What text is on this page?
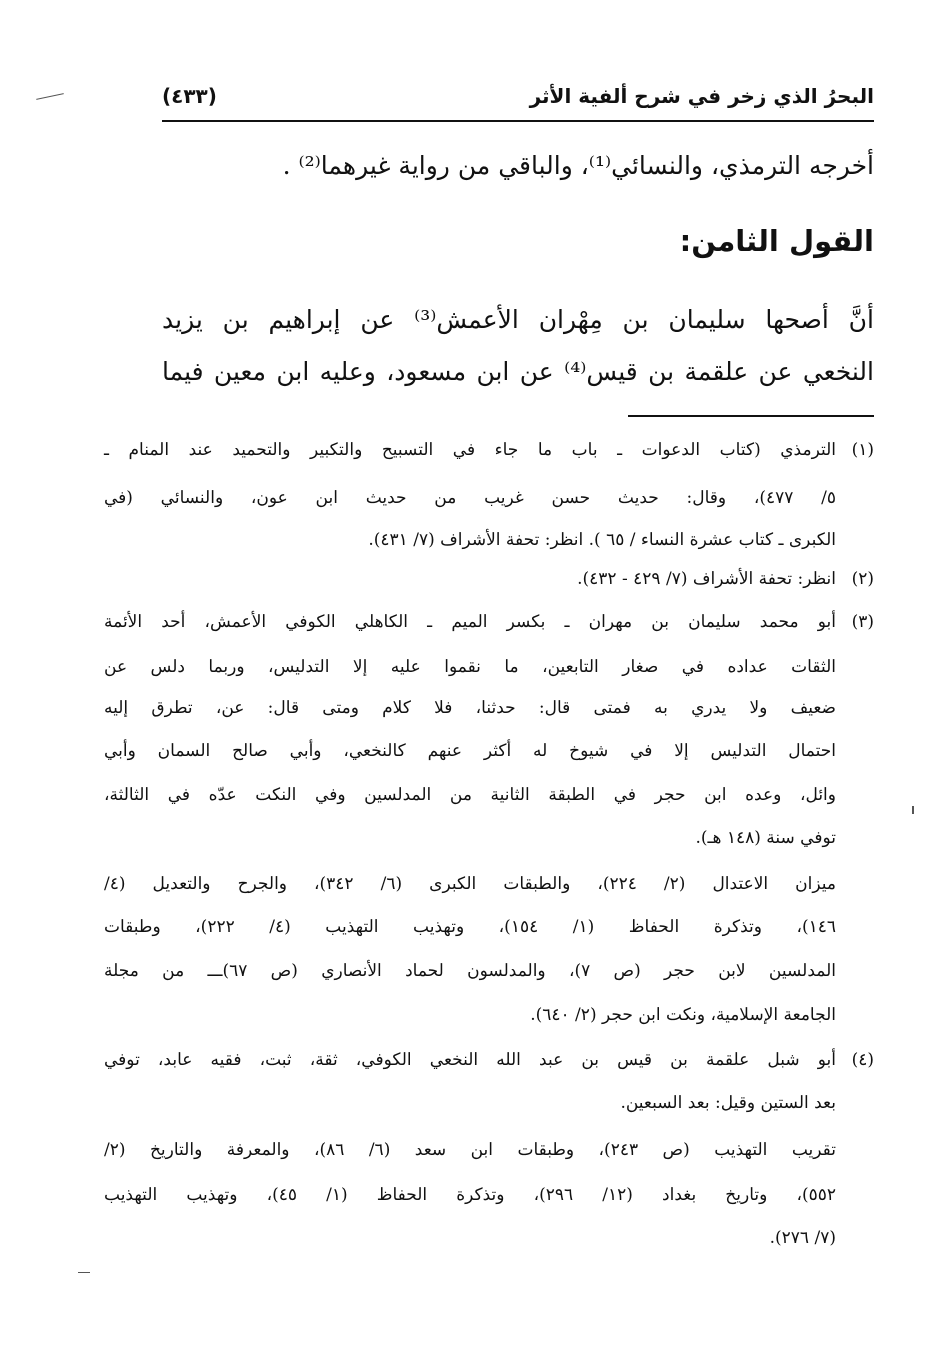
البحرُ الذي زخر في شرح ألفية الأثر
(٤٣٣)
أخرجه الترمذي، والنسائي⁽¹⁾، والباقي من رواية غيرهما⁽²⁾ .
القول الثامن:
أنَّ أصحها سليمان بن مِهْران الأعمش⁽³⁾ عن إبراهيم بن يزيد
النخعي عن علقمة بن قيس⁽⁴⁾ عن ابن مسعود، وعليه ابن معين فيما
(١)
الترمذي (كتاب الدعوات ـ باب ما جاء في التسبيح والتكبير والتحميد عند المنام ـ
٥/ ٤٧٧)، وقال: حديث حسن غريب من حديث ابن عون، والنسائي (في
الكبرى ـ كتاب عشرة النساء / ٦٥ ). انظر: تحفة الأشراف (٧/ ٤٣١).
(٢)
انظر: تحفة الأشراف (٧/ ٤٢٩ - ٤٣٢).
(٣)
أبو محمد سليمان بن مهران ـ بكسر الميم ـ الكاهلي الكوفي الأعمش، أحد الأئمة
الثقات عداده في صغار التابعين، ما نقموا عليه إلا التدليس، وربما دلس عن
ضعيف ولا يدري به فمتى قال: حدثنا، فلا كلام ومتى قال: عن، تطرق إليه
احتمال التدليس إلا في شيوخ له أكثر عنهم كالنخعي، وأبي صالح السمان وأبي
وائل، وعده ابن حجر في الطبقة الثانية من المدلسين وفي النكت عدّه في الثالثة،
توفي سنة (١٤٨ هـ).
ميزان الاعتدال (٢/ ٢٢٤)، والطبقات الكبرى (٦/ ٣٤٢)، والجرح والتعديل (٤/
١٤٦)، وتذكرة الحفاظ (١/ ١٥٤)، وتهذيب التهذيب (٤/ ٢٢٢)، وطبقات
المدلسين لابن حجر (ص ٧)، والمدلسون لحماد الأنصاري (ص ٦٧)ـــ من مجلة
الجامعة الإسلامية، ونكت ابن حجر (٢/ ٦٤٠).
(٤)
أبو شبل علقمة بن قيس بن عبد الله النخعي الكوفي، ثقة، ثبت، فقيه عابد، توفي
بعد الستين وقيل: بعد السبعين.
تقريب التهذيب (ص ٢٤٣)، وطبقات ابن سعد (٦/ ٨٦)، والمعرفة والتاريخ (٢/
٥٥٢)، وتاريخ بغداد (١٢/ ٢٩٦)، وتذكرة الحفاظ (١/ ٤٥)، وتهذيب التهذيب
(٧/ ٢٧٦).
